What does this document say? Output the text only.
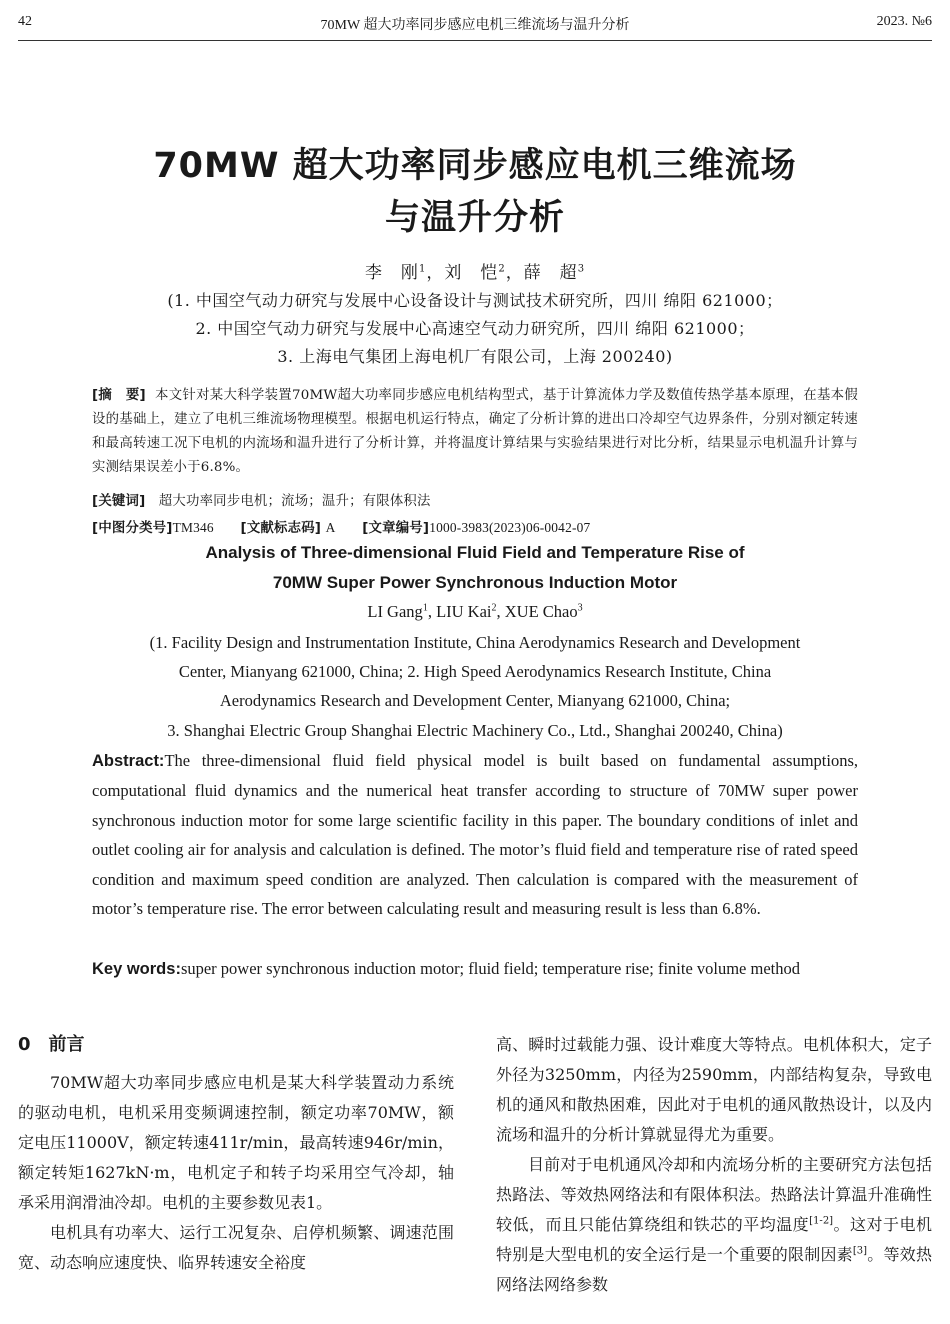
42	70MW 超大功率同步感应电机三维流场与温升分析	2023. №6
70MW 超大功率同步感应电机三维流场
与温升分析
李　刚$^1$，刘　恺$^2$，薛　超$^3$
(1. 中国空气动力研究与发展中心设备设计与测试技术研究所，四川 绵阳 621000；
2. 中国空气动力研究与发展中心高速空气动力研究所，四川 绵阳 621000；
3. 上海电气集团上海电机厂有限公司，上海 200240)
[摘　要] 本文针对某大科学装置70MW超大功率同步感应电机结构型式，基于计算流体力学及数值传热学基本原理，在基本假设的基础上，建立了电机三维流场物理模型。根据电机运行特点，确定了分析计算的进出口冷却空气边界条件，分别对额定转速和最高转速工况下电机的内流场和温升进行了分析计算，并将温度计算结果与实验结果进行对比分析，结果显示电机温升计算与实测结果误差小于6.8%。
[关键词] 超大功率同步电机；流场；温升；有限体积法
[中图分类号]TM346 [文献标志码] A [文章编号]1000-3983(2023)06-0042-07
Analysis of Three-dimensional Fluid Field and Temperature Rise of
70MW Super Power Synchronous Induction Motor
LI Gang$^1$, LIU Kai$^2$, XUE Chao$^3$
(1. Facility Design and Instrumentation Institute, China Aerodynamics Research and Development
Center, Mianyang 621000, China; 2. High Speed Aerodynamics Research Institute, China
Aerodynamics Research and Development Center, Mianyang 621000, China;
3. Shanghai Electric Group Shanghai Electric Machinery Co., Ltd., Shanghai 200240, China)
Abstract:The three-dimensional fluid field physical model is built based on fundamental assumptions, computational fluid dynamics and the numerical heat transfer according to structure of 70MW super power synchronous induction motor for some large scientific facility in this paper. The boundary conditions of inlet and outlet cooling air for analysis and calculation is defined. The motor’s fluid field and temperature rise of rated speed condition and maximum speed condition are analyzed. Then calculation is compared with the measurement of motor’s temperature rise. The error between calculating result and measuring result is less than 6.8%.
Key words:super power synchronous induction motor; fluid field; temperature rise; finite volume method
0　前言

70MW超大功率同步感应电机是某大科学装置动力系统的驱动电机，电机采用变频调速控制，额定功率70MW，额定电压11000V，额定转速411r/min，最高转速946r/min，额定转矩1627kN·m，电机定子和转子均采用空气冷却，轴承采用润滑油冷却。电机的主要参数见表1。

电机具有功率大、运行工况复杂、启停机频繁、调速范围宽、动态响应速度快、临界转速安全裕度

高、瞬时过载能力强、设计难度大等特点。电机体积大，定子外径为3250mm，内径为2590mm，内部结构复杂，导致电机的通风和散热困难，因此对于电机的通风散热设计，以及内流场和温升的分析计算就显得尤为重要。

目前对于电机通风冷却和内流场分析的主要研究方法包括热路法、等效热网络法和有限体积法。热路法计算温升准确性较低，而且只能估算绕组和铁芯的平均温度[1-2]。这对于电机特别是大型电机的安全运行是一个重要的限制因素[3]。等效热网络法网络参数
